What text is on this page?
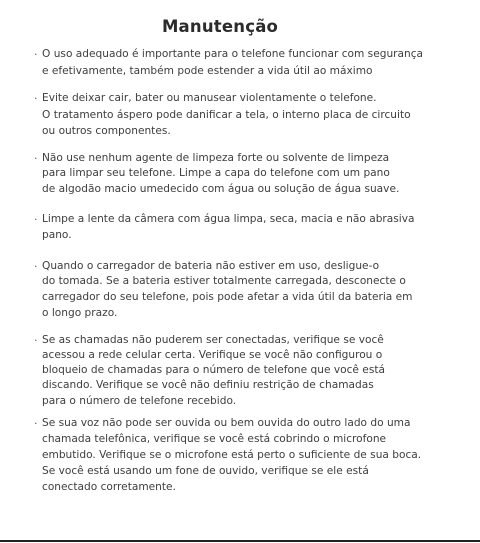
Manutenção
· O uso adequado é importante para o telefone funcionar com segurança
e efetivamente, também pode estender a vida útil ao máximo
· Evite deixar cair, bater ou manusear violentamente o telefone.
O tratamento áspero pode danificar a tela, o interno placa de circuito
ou outros componentes.
· Não use nenhum agente de limpeza forte ou solvente de limpeza
para limpar seu telefone. Limpe a capa do telefone com um pano
de algodão macio umedecido com água ou solução de água suave.
· Limpe a lente da câmera com água limpa, seca, macia e não abrasiva
pano.
· Quando o carregador de bateria não estiver em uso, desligue-o
do tomada. Se a bateria estiver totalmente carregada, desconecte o
carregador do seu telefone, pois pode afetar a vida útil da bateria em
o longo prazo.
· Se as chamadas não puderem ser conectadas, verifique se você
acessou a rede celular certa. Verifique se você não configurou o
bloqueio de chamadas para o número de telefone que você está
discando. Verifique se você não definiu restrição de chamadas
para o número de telefone recebido.
· Se sua voz não pode ser ouvida ou bem ouvida do outro lado do uma
chamada telefônica, verifique se você está cobrindo o microfone
embutido. Verifique se o microfone está perto o suficiente de sua boca.
Se você está usando um fone de ouvido, verifique se ele está
conectado corretamente.
